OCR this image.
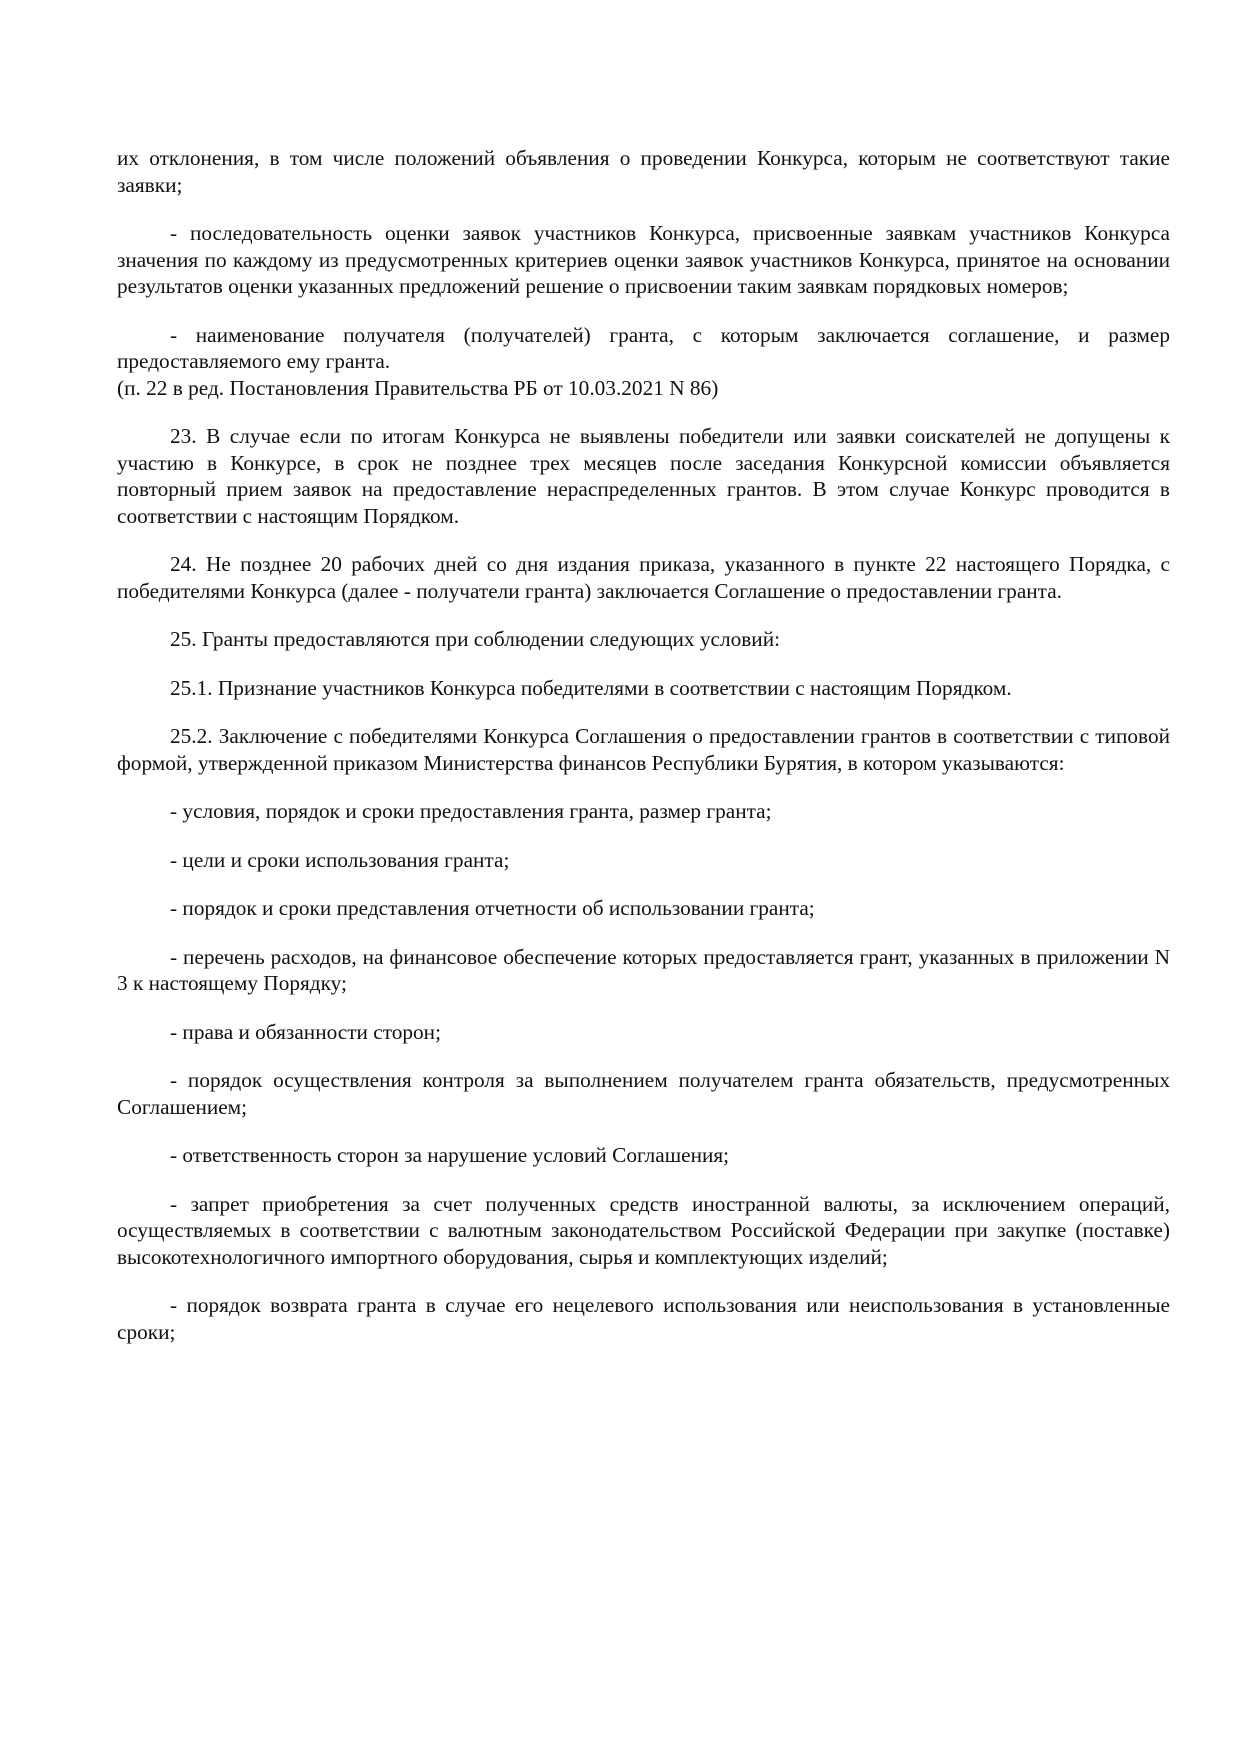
их отклонения, в том числе положений объявления о проведении Конкурса, которым не соответствуют такие заявки;

- последовательность оценки заявок участников Конкурса, присвоенные заявкам участников Конкурса значения по каждому из предусмотренных критериев оценки заявок участников Конкурса, принятое на основании результатов оценки указанных предложений решение о присвоении таким заявкам порядковых номеров;

- наименование получателя (получателей) гранта, с которым заключается соглашение, и размер предоставляемого ему гранта.

(п. 22 в ред. Постановления Правительства РБ от 10.03.2021 N 86)

23. В случае если по итогам Конкурса не выявлены победители или заявки соискателей не допущены к участию в Конкурсе, в срок не позднее трех месяцев после заседания Конкурсной комиссии объявляется повторный прием заявок на предоставление нераспределенных грантов. В этом случае Конкурс проводится в соответствии с настоящим Порядком.

24. Не позднее 20 рабочих дней со дня издания приказа, указанного в пункте 22 настоящего Порядка, с победителями Конкурса (далее - получатели гранта) заключается Соглашение о предоставлении гранта.

25. Гранты предоставляются при соблюдении следующих условий:

25.1. Признание участников Конкурса победителями в соответствии с настоящим Порядком.

25.2. Заключение с победителями Конкурса Соглашения о предоставлении грантов в соответствии с типовой формой, утвержденной приказом Министерства финансов Республики Бурятия, в котором указываются:

- условия, порядок и сроки предоставления гранта, размер гранта;

- цели и сроки использования гранта;

- порядок и сроки представления отчетности об использовании гранта;

- перечень расходов, на финансовое обеспечение которых предоставляется грант, указанных в приложении N 3 к настоящему Порядку;

- права и обязанности сторон;

- порядок осуществления контроля за выполнением получателем гранта обязательств, предусмотренных Соглашением;

- ответственность сторон за нарушение условий Соглашения;

- запрет приобретения за счет полученных средств иностранной валюты, за исключением операций, осуществляемых в соответствии с валютным законодательством Российской Федерации при закупке (поставке) высокотехнологичного импортного оборудования, сырья и комплектующих изделий;

- порядок возврата гранта в случае его нецелевого использования или неиспользования в установленные сроки;
